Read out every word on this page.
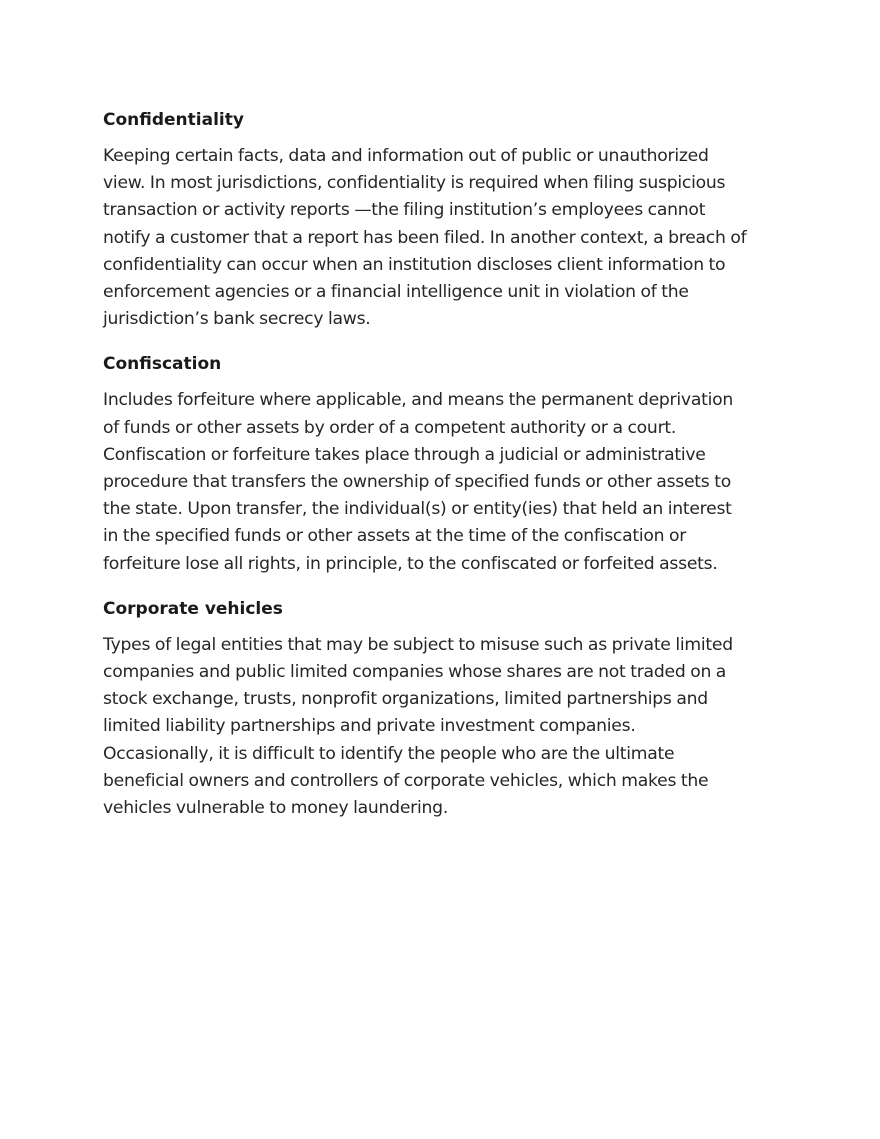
Confidentiality

Keeping certain facts, data and information out of public or unauthorized view. In most jurisdictions, confidentiality is required when filing suspicious transaction or activity reports —the filing institution’s employees cannot notify a customer that a report has been filed. In another context, a breach of confidentiality can occur when an institution discloses client information to enforcement agencies or a financial intelligence unit in violation of the jurisdiction’s bank secrecy laws.

Confiscation

Includes forfeiture where applicable, and means the permanent deprivation of funds or other assets by order of a competent authority or a court. Confiscation or forfeiture takes place through a judicial or administrative procedure that transfers the ownership of specified funds or other assets to the state. Upon transfer, the individual(s) or entity(ies) that held an interest in the specified funds or other assets at the time of the confiscation or forfeiture lose all rights, in principle, to the confiscated or forfeited assets.

Corporate vehicles

Types of legal entities that may be subject to misuse such as private limited companies and public limited companies whose shares are not traded on a stock exchange, trusts, nonprofit organizations, limited partnerships and limited liability partnerships and private investment companies. Occasionally, it is difficult to identify the people who are the ultimate beneficial owners and controllers of corporate vehicles, which makes the vehicles vulnerable to money laundering.
